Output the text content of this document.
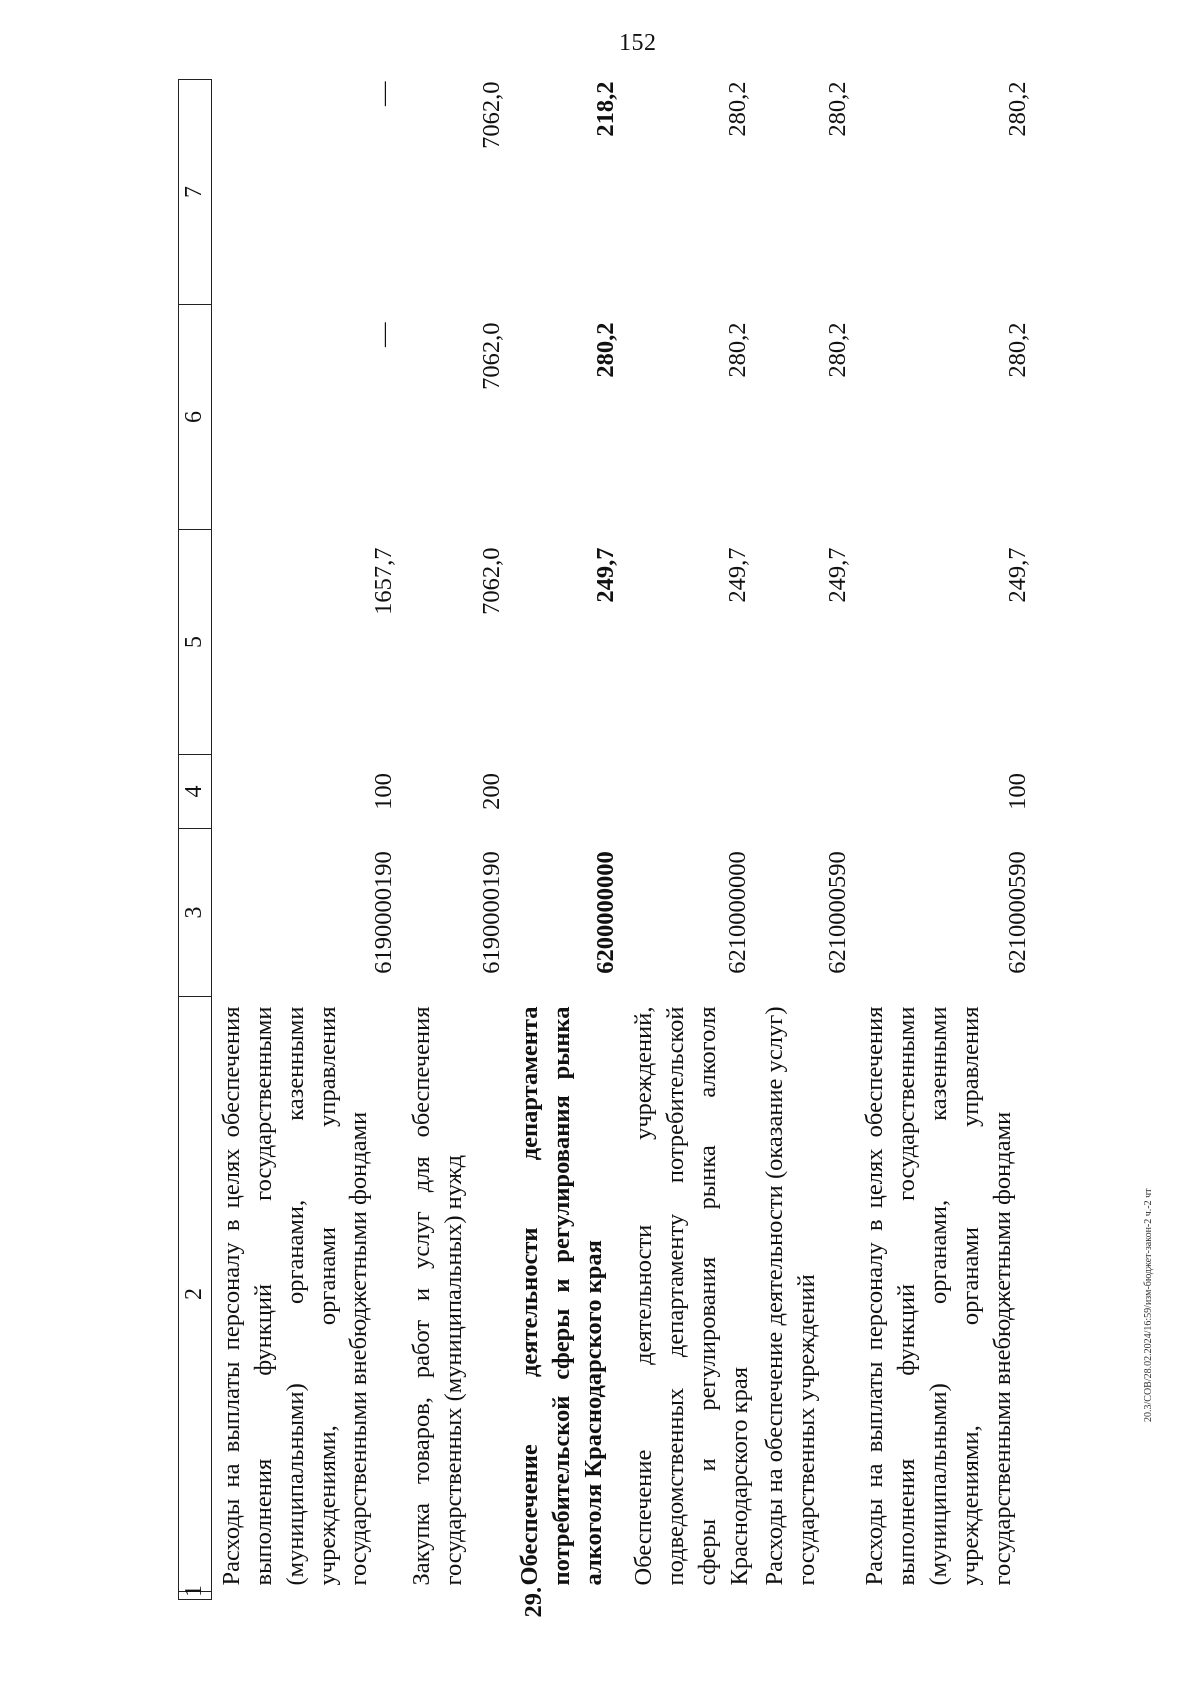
152
20.3/СОВ/28.02.2024/16:59/изм-бюджет-закон-2 ч.-2 чт
1	2	3	4	5	6	7
	Расходы на выплаты персоналу в целях обеспечения выполнения функций государственными (муниципальными) органами, казенными учреждениями, органами управления государственными внебюджетными фондами	6190000190	100	1657,7	—	—
	Закупка товаров, работ и услуг для обеспечения государственных (муниципальных) нужд	6190000190	200	7062,0	7062,0	7062,0

	29.
Обеспечение деятельности департамента потребительской сферы и регулирования рынка алкоголя Краснодарского края	6200000000		249,7	280,2	218,2
	Обеспечение деятельности учреждений, подведомственных департаменту потребительской сферы и регулирования рынка алкоголя Краснодарского края	6210000000		249,7	280,2	280,2
	Расходы на обеспечение деятельности (оказание услуг) государственных учреждений	6210000590		249,7	280,2	280,2
	Расходы на выплаты персоналу в целях обеспечения выполнения функций государственными (муниципальными) органами, казенными учреждениями, органами управления государственными внебюджетными фондами	6210000590	100	249,7	280,2	280,2
